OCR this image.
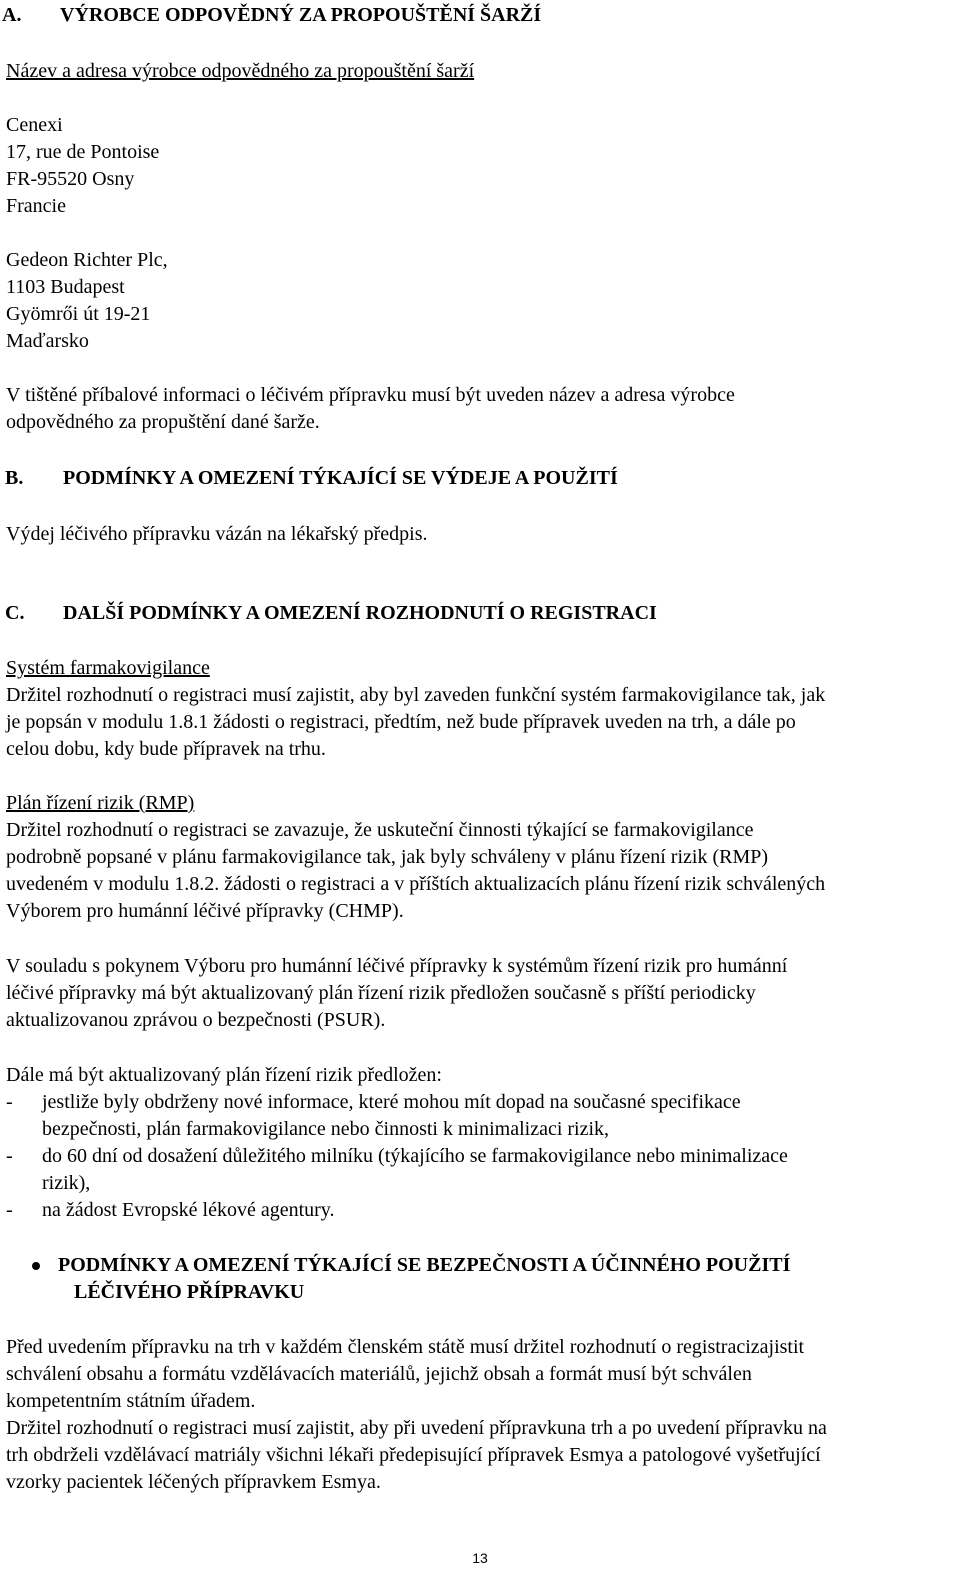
A.	VÝROBCE ODPOVĚDNÝ ZA PROPOUŠTĚNÍ ŠARŽÍ
Název a adresa výrobce odpovědného za propouštění šarží
Cenexi
17, rue de Pontoise
FR-95520 Osny
Francie
Gedeon Richter Plc,
1103 Budapest
Gyömrői út 19-21
Maďarsko
V tištěné příbalové informaci o léčivém přípravku musí být uveden název a adresa výrobce
odpovědného za propuštění dané šarže.
B.	PODMÍNKY A OMEZENÍ TÝKAJÍCÍ SE VÝDEJE A POUŽITÍ
Výdej léčivého přípravku vázán na lékařský předpis.
C.	DALŠÍ PODMÍNKY A OMEZENÍ ROZHODNUTÍ O REGISTRACI
Systém farmakovigilance
Držitel rozhodnutí o registraci musí zajistit, aby byl zaveden funkční systém farmakovigilance tak, jak
je popsán v modulu 1.8.1 žádosti o registraci, předtím, než bude přípravek uveden na trh, a dále po
celou dobu, kdy bude přípravek na trhu.
Plán řízení rizik (RMP)
Držitel rozhodnutí o registraci se zavazuje, že uskuteční činnosti týkající se farmakovigilance
podrobně popsané v plánu farmakovigilance tak, jak byly schváleny v plánu řízení rizik (RMP)
uvedeném v modulu 1.8.2. žádosti o registraci a v příštích aktualizacích plánu řízení rizik schválených
Výborem pro humánní léčivé přípravky (CHMP).
V souladu s pokynem Výboru pro humánní léčivé přípravky k systémům řízení rizik pro humánní
léčivé přípravky má být aktualizovaný plán řízení rizik předložen současně s příští periodicky
aktualizovanou zprávou o bezpečnosti (PSUR).
Dále má být aktualizovaný plán řízení rizik předložen:
-	jestliže byly obdrženy nové informace, které mohou mít dopad na současné specifikace
bezpečnosti, plán farmakovigilance nebo činnosti k minimalizaci rizik,
-	do 60 dní od dosažení důležitého milníku (týkajícího se farmakovigilance nebo minimalizace
rizik),
-	na žádost Evropské lékové agentury.
PODMÍNKY A OMEZENÍ TÝKAJÍCÍ SE BEZPEČNOSTI A ÚČINNÉHO POUŽITÍ
LÉČIVÉHO PŘÍPRAVKU
Před uvedením přípravku na trh v každém členském státě musí držitel rozhodnutí o registracizajistit
schválení obsahu a formátu vzdělávacích materiálů, jejichž obsah a formát musí být schválen
kompetentním státním úřadem.
Držitel rozhodnutí o registraci musí zajistit, aby při uvedení přípravkuna trh a po uvedení přípravku na
trh obdrželi vzdělávací matriály všichni lékaři předepisující přípravek Esmya a patologové vyšetřující
vzorky pacientek léčených přípravkem Esmya.
13
